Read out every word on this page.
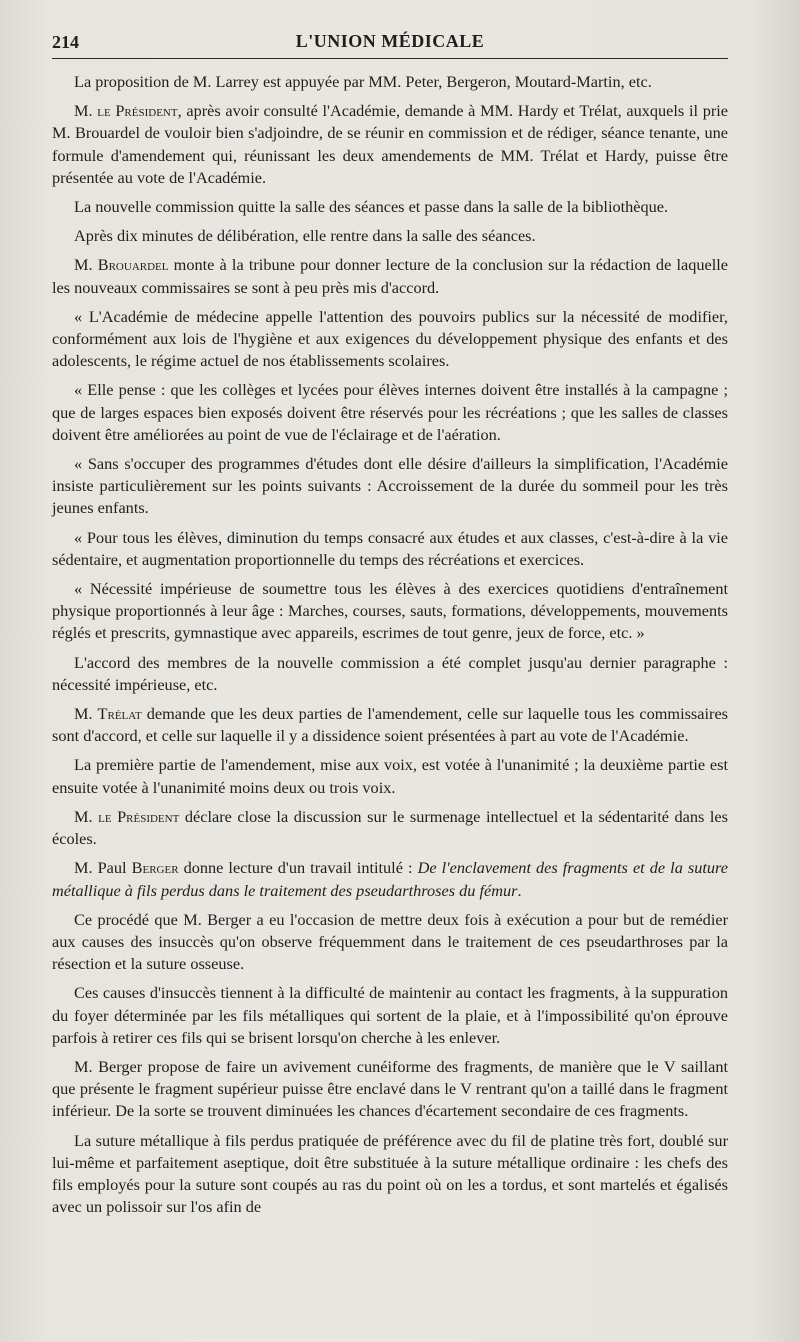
214	L'UNION MÉDICALE

La proposition de M. Larrey est appuyée par MM. Peter, Bergeron, Moutard-Martin, etc.

M. le Président, après avoir consulté l'Académie, demande à MM. Hardy et Trélat, auxquels il prie M. Brouardel de vouloir bien s'adjoindre, de se réunir en commission et de rédiger, séance tenante, une formule d'amendement qui, réunissant les deux amendements de MM. Trélat et Hardy, puisse être présentée au vote de l'Académie.

La nouvelle commission quitte la salle des séances et passe dans la salle de la bibliothèque.

Après dix minutes de délibération, elle rentre dans la salle des séances.

M. Brouardel monte à la tribune pour donner lecture de la conclusion sur la rédaction de laquelle les nouveaux commissaires se sont à peu près mis d'accord.

« L'Académie de médecine appelle l'attention des pouvoirs publics sur la nécessité de modifier, conformément aux lois de l'hygiène et aux exigences du développement physique des enfants et des adolescents, le régime actuel de nos établissements scolaires.

« Elle pense : que les collèges et lycées pour élèves internes doivent être installés à la campagne ; que de larges espaces bien exposés doivent être réservés pour les récréations ; que les salles de classes doivent être améliorées au point de vue de l'éclairage et de l'aération.

« Sans s'occuper des programmes d'études dont elle désire d'ailleurs la simplification, l'Académie insiste particulièrement sur les points suivants : Accroissement de la durée du sommeil pour les très jeunes enfants.

« Pour tous les élèves, diminution du temps consacré aux études et aux classes, c'est-à-dire à la vie sédentaire, et augmentation proportionnelle du temps des récréations et exercices.

« Nécessité impérieuse de soumettre tous les élèves à des exercices quotidiens d'entraînement physique proportionnés à leur âge : Marches, courses, sauts, formations, développements, mouvements réglés et prescrits, gymnastique avec appareils, escrimes de tout genre, jeux de force, etc. »

L'accord des membres de la nouvelle commission a été complet jusqu'au dernier paragraphe : nécessité impérieuse, etc.

M. Trélat demande que les deux parties de l'amendement, celle sur laquelle tous les commissaires sont d'accord, et celle sur laquelle il y a dissidence soient présentées à part au vote de l'Académie.

La première partie de l'amendement, mise aux voix, est votée à l'unanimité ; la deuxième partie est ensuite votée à l'unanimité moins deux ou trois voix.

M. le Président déclare close la discussion sur le surmenage intellectuel et la sédentarité dans les écoles.

M. Paul Berger donne lecture d'un travail intitulé : De l'enclavement des fragments et de la suture métallique à fils perdus dans le traitement des pseudarthroses du fémur.

Ce procédé que M. Berger a eu l'occasion de mettre deux fois à exécution a pour but de remédier aux causes des insuccès qu'on observe fréquemment dans le traitement de ces pseudarthroses par la résection et la suture osseuse.

Ces causes d'insuccès tiennent à la difficulté de maintenir au contact les fragments, à la suppuration du foyer déterminée par les fils métalliques qui sortent de la plaie, et à l'impossibilité qu'on éprouve parfois à retirer ces fils qui se brisent lorsqu'on cherche à les enlever.

M. Berger propose de faire un avivement cunéiforme des fragments, de manière que le V saillant que présente le fragment supérieur puisse être enclavé dans le V rentrant qu'on a taillé dans le fragment inférieur. De la sorte se trouvent diminuées les chances d'écartement secondaire de ces fragments.

La suture métallique à fils perdus pratiquée de préférence avec du fil de platine très fort, doublé sur lui-même et parfaitement aseptique, doit être substituée à la suture métallique ordinaire : les chefs des fils employés pour la suture sont coupés au ras du point où on les a tordus, et sont martelés et égalisés avec un polissoir sur l'os afin de
